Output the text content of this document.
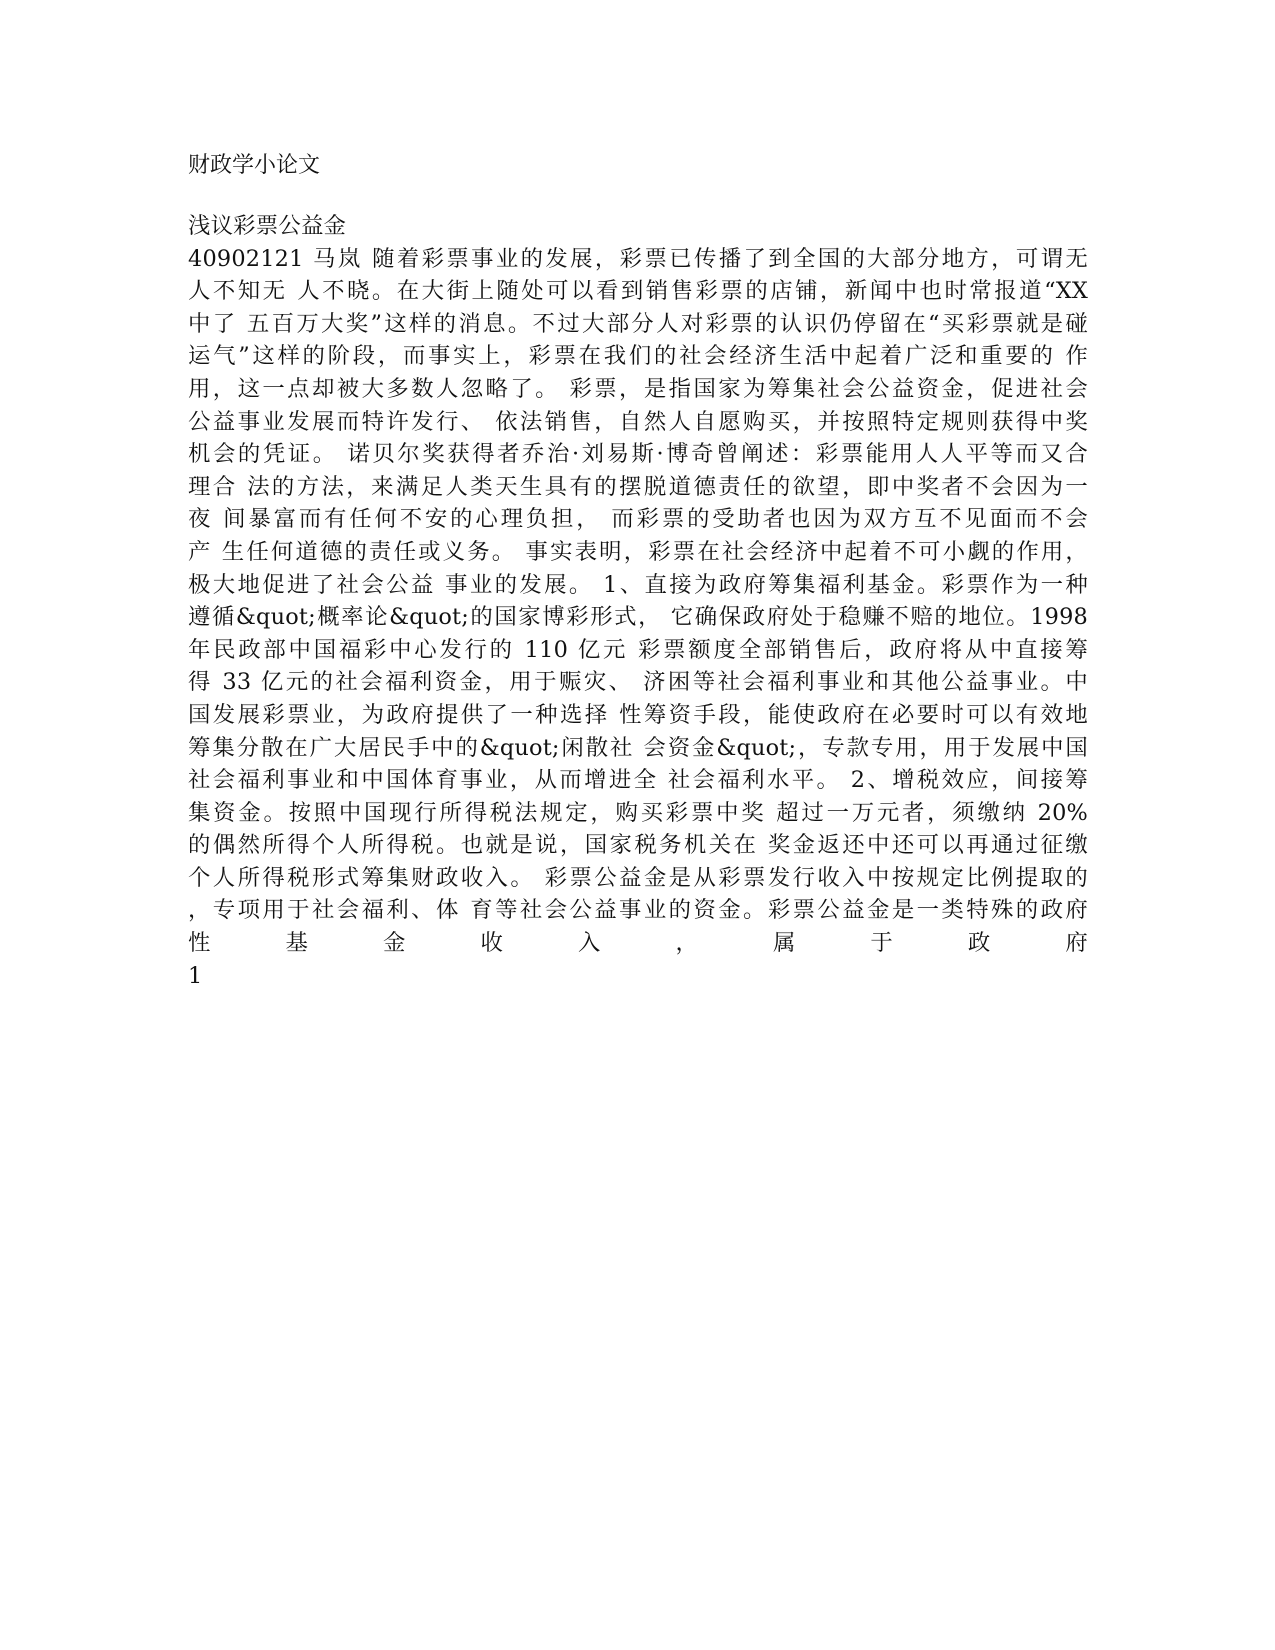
财政学小论文
浅议彩票公益金
40902121 马岚 随着彩票事业的发展，彩票已传播了到全国的大部分地方，可谓无
人不知无 人不晓。在大街上随处可以看到销售彩票的店铺，新闻中也时常报道“XX
中了 五百万大奖”这样的消息。不过大部分人对彩票的认识仍停留在“买彩票就是碰
运气”这样的阶段，而事实上，彩票在我们的社会经济生活中起着广泛和重要的 作
用，这一点却被大多数人忽略了。 彩票，是指国家为筹集社会公益资金，促进社会
公益事业发展而特许发行、 依法销售，自然人自愿购买，并按照特定规则获得中奖
机会的凭证。 诺贝尔奖获得者乔治·刘易斯·博奇曾阐述：彩票能用人人平等而又合
理合 法的方法，来满足人类天生具有的摆脱道德责任的欲望，即中奖者不会因为一
夜 间暴富而有任何不安的心理负担， 而彩票的受助者也因为双方互不见面而不会
产 生任何道德的责任或义务。 事实表明，彩票在社会经济中起着不可小觑的作用，
极大地促进了社会公益 事业的发展。 1、直接为政府筹集福利基金。彩票作为一种
遵循&quot;概率论&quot;的国家博彩形式， 它确保政府处于稳赚不赔的地位。1998
年民政部中国福彩中心发行的 110 亿元 彩票额度全部销售后，政府将从中直接筹
得 33 亿元的社会福利资金，用于赈灾、 济困等社会福利事业和其他公益事业。中
国发展彩票业，为政府提供了一种选择 性筹资手段，能使政府在必要时可以有效地
筹集分散在广大居民手中的&quot;闲散社 会资金&quot;，专款专用，用于发展中国
社会福利事业和中国体育事业，从而增进全 社会福利水平。 2、增税效应，间接筹
集资金。按照中国现行所得税法规定，购买彩票中奖 超过一万元者，须缴纳 20%
的偶然所得个人所得税。也就是说，国家税务机关在 奖金返还中还可以再通过征缴
个人所得税形式筹集财政收入。 彩票公益金是从彩票发行收入中按规定比例提取的
，专项用于社会福利、体 育等社会公益事业的资金。彩票公益金是一类特殊的政府
性基金收入，属于政府
1
